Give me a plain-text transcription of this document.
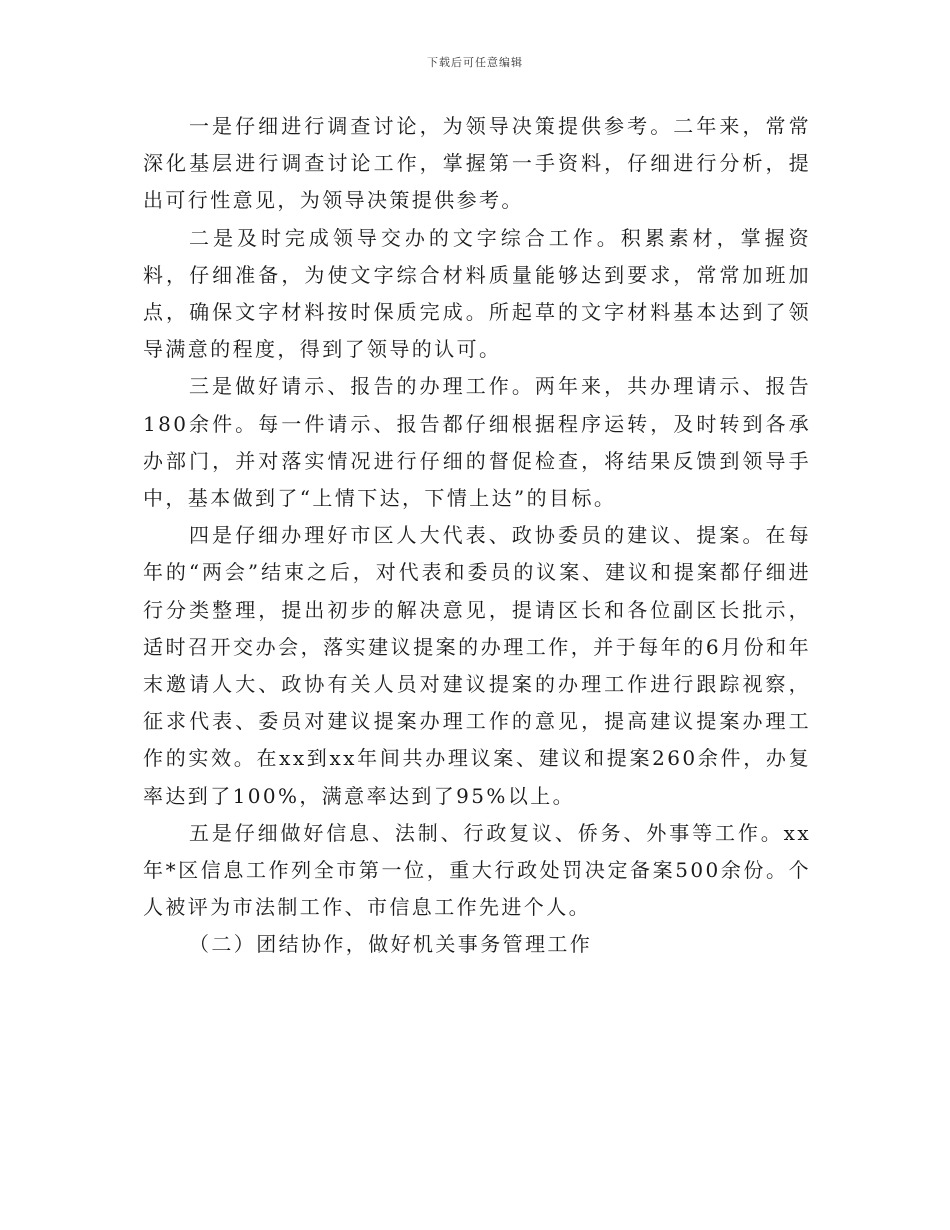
下载后可任意编辑

一是仔细进行调查讨论，为领导决策提供参考。二年来，常常深化基层进行调查讨论工作，掌握第一手资料，仔细进行分析，提出可行性意见，为领导决策提供参考。

二是及时完成领导交办的文字综合工作。积累素材，掌握资料，仔细准备，为使文字综合材料质量能够达到要求，常常加班加点，确保文字材料按时保质完成。所起草的文字材料基本达到了领导满意的程度，得到了领导的认可。

三是做好请示、报告的办理工作。两年来，共办理请示、报告180余件。每一件请示、报告都仔细根据程序运转，及时转到各承办部门，并对落实情况进行仔细的督促检查，将结果反馈到领导手中，基本做到了“上情下达，下情上达”的目标。

四是仔细办理好市区人大代表、政协委员的建议、提案。在每年的“两会”结束之后，对代表和委员的议案、建议和提案都仔细进行分类整理，提出初步的解决意见，提请区长和各位副区长批示，适时召开交办会，落实建议提案的办理工作，并于每年的6月份和年末邀请人大、政协有关人员对建议提案的办理工作进行跟踪视察，征求代表、委员对建议提案办理工作的意见，提高建议提案办理工作的实效。在xx到xx年间共办理议案、建议和提案260余件，办复率达到了100%，满意率达到了95%以上。

五是仔细做好信息、法制、行政复议、侨务、外事等工作。xx年*区信息工作列全市第一位，重大行政处罚决定备案500余份。个人被评为市法制工作、市信息工作先进个人。

（二）团结协作，做好机关事务管理工作
